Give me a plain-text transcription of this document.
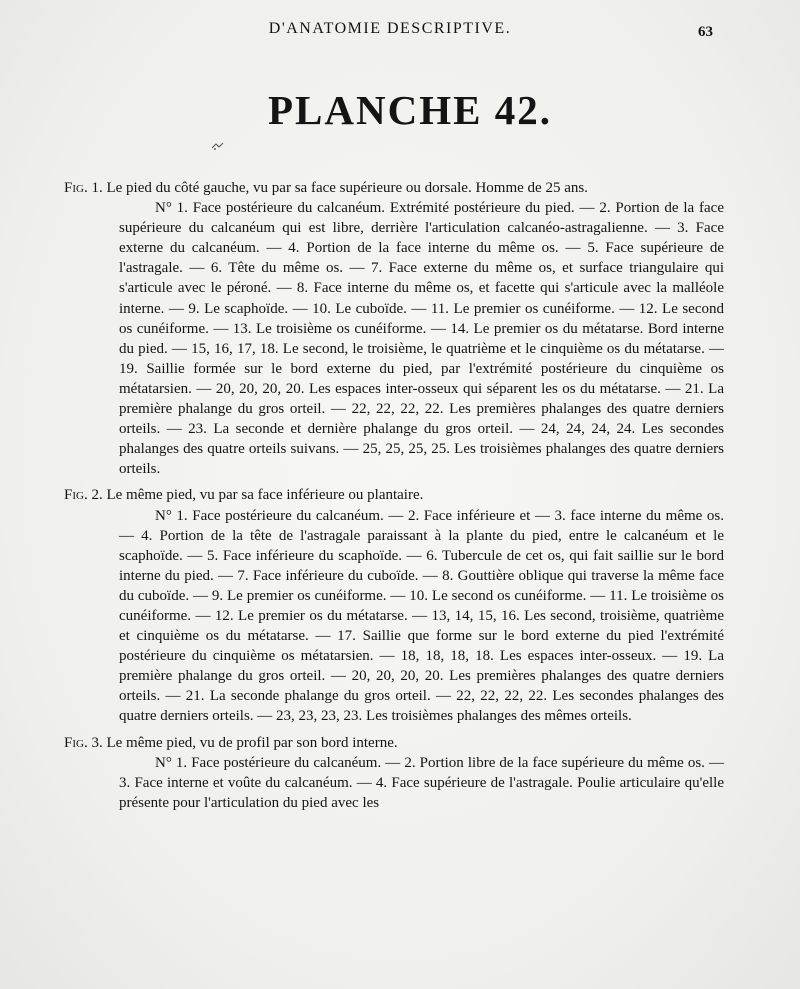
D'ANATOMIE DESCRIPTIVE.	63
PLANCHE 42.

Fig. 1. Le pied du côté gauche, vu par sa face supérieure ou dorsale. Homme de 25 ans.

N° 1. Face postérieure du calcanéum. Extrémité postérieure du pied. — 2. Portion de la face supérieure du calcanéum qui est libre, derrière l'articulation calcanéo-astragalienne. — 3. Face externe du calcanéum. — 4. Portion de la face interne du même os. — 5. Face supérieure de l'astragale. — 6. Tête du même os. — 7. Face externe du même os, et surface triangulaire qui s'articule avec le péroné. — 8. Face interne du même os, et facette qui s'articule avec la malléole interne. — 9. Le scaphoïde. — 10. Le cuboïde. — 11. Le premier os cunéiforme. — 12. Le second os cunéiforme. — 13. Le troisième os cunéiforme. — 14. Le premier os du métatarse. Bord interne du pied. — 15, 16, 17, 18. Le second, le troisième, le quatrième et le cinquième os du métatarse. — 19. Saillie formée sur le bord externe du pied, par l'extrémité postérieure du cinquième os métatarsien. — 20, 20, 20, 20. Les espaces inter-osseux qui séparent les os du métatarse. — 21. La première phalange du gros orteil. — 22, 22, 22, 22. Les premières phalanges des quatre derniers orteils. — 23. La seconde et dernière phalange du gros orteil. — 24, 24, 24, 24. Les secondes phalanges des quatre orteils suivans. — 25, 25, 25, 25. Les troisièmes phalanges des quatre derniers orteils.

Fig. 2. Le même pied, vu par sa face inférieure ou plantaire.

N° 1. Face postérieure du calcanéum. — 2. Face inférieure et — 3. face interne du même os. — 4. Portion de la tête de l'astragale paraissant à la plante du pied, entre le calcanéum et le scaphoïde. — 5. Face inférieure du scaphoïde. — 6. Tubercule de cet os, qui fait saillie sur le bord interne du pied. — 7. Face inférieure du cuboïde. — 8. Gouttière oblique qui traverse la même face du cuboïde. — 9. Le premier os cunéiforme. — 10. Le second os cunéiforme. — 11. Le troisième os cunéiforme. — 12. Le premier os du métatarse. — 13, 14, 15, 16. Les second, troisième, quatrième et cinquième os du métatarse. — 17. Saillie que forme sur le bord externe du pied l'extrémité postérieure du cinquième os métatarsien. — 18, 18, 18, 18. Les espaces inter-osseux. — 19. La première phalange du gros orteil. — 20, 20, 20, 20. Les premières phalanges des quatre derniers orteils. — 21. La seconde phalange du gros orteil. — 22, 22, 22, 22. Les secondes phalanges des quatre derniers orteils. — 23, 23, 23, 23. Les troisièmes phalanges des mêmes orteils.

Fig. 3. Le même pied, vu de profil par son bord interne.

N° 1. Face postérieure du calcanéum. — 2. Portion libre de la face supérieure du même os. — 3. Face interne et voûte du calcanéum. — 4. Face supérieure de l'astragale. Poulie articulaire qu'elle présente pour l'articulation du pied avec les
